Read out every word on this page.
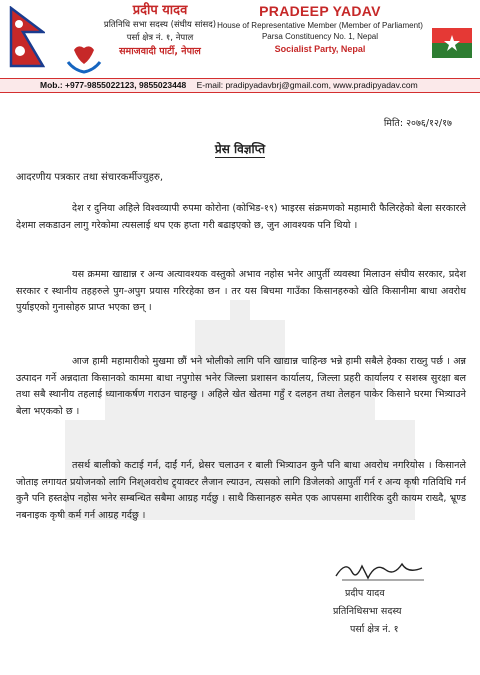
प्रदीप यादव
प्रतिनिधि सभा सदस्य (संघीय सांसद)
पर्सा क्षेत्र नं. १, नेपाल
समाजवादी पार्टी, नेपाल
PRADEEP YADAV
House of Representative Member (Member of Parliament)
Parsa Constituency No. 1, Nepal
Socialist Party, Nepal
Mob.: +977-9855022123, 9855023448 E-mail: pradipyadavbrj@gmail.com, www.pradipyadav.com
मिति: २०७६/१२/१७
प्रेस विज्ञप्ति
आदरणीय पत्रकार तथा संचारकर्मीज्युहरु,
देश र दुनिया अहिले विश्वव्यापी रुपमा कोरोना (कोभिड-१९) भाइरस संक्रमणको महामारी फैलिरहेको बेला सरकारले देशमा लकडाउन लागु गरेकोमा त्यसलाई थप एक हप्ता गरी बढाइएको छ, जुन आवश्यक पनि थियो ।
यस क्रममा खाद्यान्न र अन्य अत्यावश्यक वस्तुको अभाव नहोस भनेर आपुर्ती व्यवस्था मिलाउन संघीय सरकार, प्रदेश सरकार र स्थानीय तहहरुले पुग-अपुग प्रयास गरिरहेका छन । तर यस बिचमा गाउँका किसानहरुको खेति किसानीमा बाधा अवरोध पुर्याइएको गुनासोहरु प्राप्त भएका छन् ।
आज हामी महामारीको मुखमा छौं भने भोलीको लागि पनि खाद्यान्न चाहिन्छ भन्ने हामी सबैले हेक्का राख्नु पर्छ । अन्न उत्पादन गर्ने अन्नदाता किसानको काममा बाधा नपुगोस भनेर जिल्ला प्रशासन कार्यालय, जिल्ला प्रहरी कार्यालय र सशस्त्र सुरक्षा बल तथा सबै स्थानीय तहलाई ध्यानाकर्षण गराउन चाहन्छु । अहिले खेत खेतमा गहुँ र दलहन तथा तेलहन पाकेर किसाने घरमा भित्र्याउने बेला भएकको छ ।
तसर्थ बालीको कटाई गर्न, दाईं गर्न, थ्रेसर चलाउन र बाली भित्र्याउन कुनै पनि बाधा अवरोध नगरियोस । किसानले जोताइ लगायत प्रयोजनको लागि निश्अवरोध ट्र्याक्टर लैजान ल्याउन, त्यसको लागि डिजेलको आपुर्ती गर्न र अन्य कृषी गतिविधि गर्न कुनै पनि हस्तक्षेप नहोस भनेर सम्बन्धित सबैमा आग्रह गर्दछु । साथै किसानहरु समेत एक आपसमा शारीरिक दुरी कायम राख्दै, भ्रूण्ड नबनाइक कृषी कर्म गर्न आग्रह गर्दछु ।
प्रदीप यादव
प्रतिनिधिसभा सदस्य
पर्सा क्षेत्र नं. १
